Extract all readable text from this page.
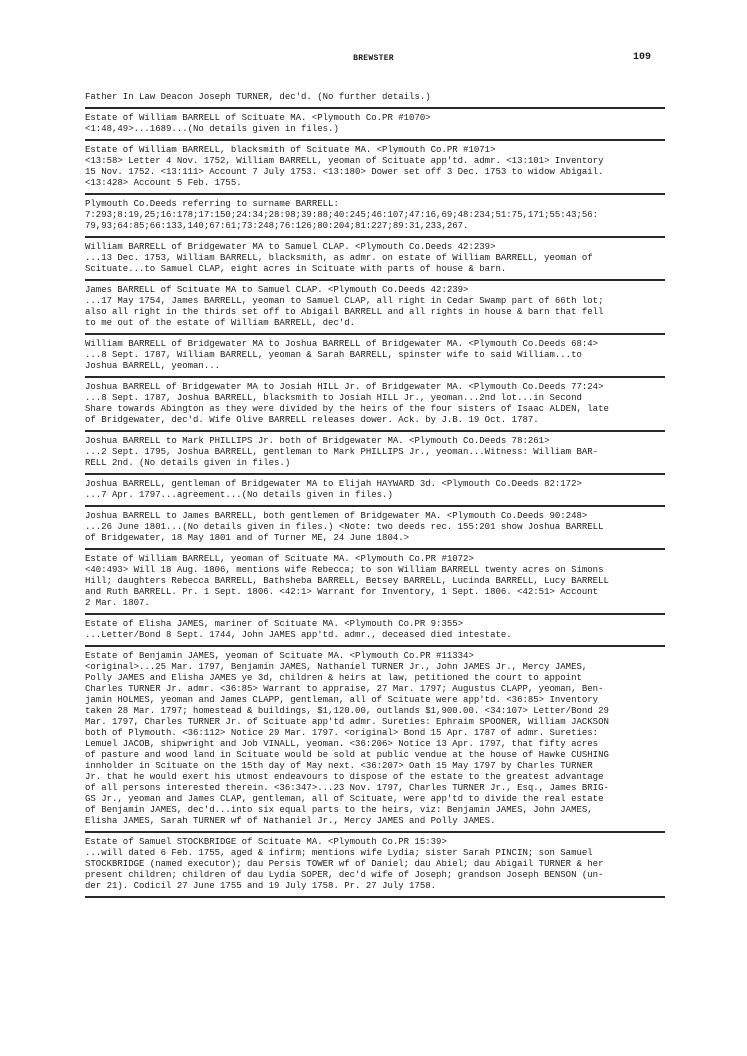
BREWSTER	109
Father In Law Deacon Joseph TURNER, dec'd. (No further details.)
Estate of William BARRELL of Scituate MA. <Plymouth Co.PR #1070>
<1:48,49>...1689...(No details given in files.)
Estate of William BARRELL, blacksmith of Scituate MA. <Plymouth Co.PR #1071>
<13:58> Letter 4 Nov. 1752, William BARRELL, yeoman of Scituate app'td. admr. <13:101> Inventory
15 Nov. 1752. <13:111> Account 7 July 1753. <13:180> Dower set off 3 Dec. 1753 to widow Abigail.
<13:428> Account 5 Feb. 1755.
Plymouth Co.Deeds referring to surname BARRELL:
7:293;8:19,25;16:178;17:150;24:34;28:98;39:88;40:245;46:107;47:16,69;48:234;51:75,171;55:43;56:
79,93;64:85;66:133,140;67:61;73:248;76:126;80:204;81:227;89:31,233,267.
William BARRELL of Bridgewater MA to Samuel CLAP. <Plymouth Co.Deeds 42:239>
...13 Dec. 1753, William BARRELL, blacksmith, as admr. on estate of William BARRELL, yeoman of
Scituate...to Samuel CLAP, eight acres in Scituate with parts of house & barn.
James BARRELL of Scituate MA to Samuel CLAP. <Plymouth Co.Deeds 42:239>
...17 May 1754, James BARRELL, yeoman to Samuel CLAP, all right in Cedar Swamp part of 66th lot;
also all right in the thirds set off to Abigail BARRELL and all rights in house & barn that fell
to me out of the estate of William BARRELL, dec'd.
William BARRELL of Bridgewater MA to Joshua BARRELL of Bridgewater MA. <Plymouth Co.Deeds 68:4>
...8 Sept. 1787, William BARRELL, yeoman & Sarah BARRELL, spinster wife to said William...to
Joshua BARRELL, yeoman...
Joshua BARRELL of Bridgewater MA to Josiah HILL Jr. of Bridgewater MA. <Plymouth Co.Deeds 77:24>
...8 Sept. 1787, Joshua BARRELL, blacksmith to Josiah HILL Jr., yeoman...2nd lot...in Second
Share towards Abington as they were divided by the heirs of the four sisters of Isaac ALDEN, late
of Bridgewater, dec'd. Wife Olive BARRELL releases dower. Ack. by J.B. 19 Oct. 1787.
Joshua BARRELL to Mark PHILLIPS Jr. both of Bridgewater MA. <Plymouth Co.Deeds 78:261>
...2 Sept. 1795, Joshua BARRELL, gentleman to Mark PHILLIPS Jr., yeoman...Witness: William BAR-
RELL 2nd. (No details given in files.)
Joshua BARRELL, gentleman of Bridgewater MA to Elijah HAYWARD 3d. <Plymouth Co.Deeds 82:172>
...7 Apr. 1797...agreement...(No details given in files.)
Joshua BARRELL to James BARRELL, both gentlemen of Bridgewater MA. <Plymouth Co.Deeds 90:248>
...26 June 1801...(No details given in files.) <Note: two deeds rec. 155:201 show Joshua BARRELL
of Bridgewater, 18 May 1801 and of Turner ME, 24 June 1804.>
Estate of William BARRELL, yeoman of Scituate MA. <Plymouth Co.PR #1072>
<40:493> Will 18 Aug. 1806, mentions wife Rebecca; to son William BARRELL twenty acres on Simons
Hill; daughters Rebecca BARRELL, Bathsheba BARRELL, Betsey BARRELL, Lucinda BARRELL, Lucy BARRELL
and Ruth BARRELL. Pr. 1 Sept. 1806. <42:1> Warrant for Inventory, 1 Sept. 1806. <42:51> Account
2 Mar. 1807.
Estate of Elisha JAMES, mariner of Scituate MA. <Plymouth Co.PR 9:355>
...Letter/Bond 8 Sept. 1744, John JAMES app'td. admr., deceased died intestate.
Estate of Benjamin JAMES, yeoman of Scituate MA. <Plymouth Co.PR #11334>
<original>...25 Mar. 1797, Benjamin JAMES, Nathaniel TURNER Jr., John JAMES Jr., Mercy JAMES,
Polly JAMES and Elisha JAMES ye 3d, children & heirs at law, petitioned the court to appoint
Charles TURNER Jr. admr. <36:85> Warrant to appraise, 27 Mar. 1797; Augustus CLAPP, yeoman, Ben-
jamin HOLMES, yeoman and James CLAPP, gentleman, all of Scituate were app'td. <36:85> Inventory
taken 28 Mar. 1797; homestead & buildings, $1,120.00, outlands $1,900.00. <34:107> Letter/Bond 29
Mar. 1797, Charles TURNER Jr. of Scituate app'td admr. Sureties: Ephraim SPOONER, William JACKSON
both of Plymouth. <36:112> Notice 29 Mar. 1797. <original> Bond 15 Apr. 1787 of admr. Sureties:
Lemuel JACOB, shipwright and Job VINALL, yeoman. <36:206> Notice 13 Apr. 1797, that fifty acres
of pasture and wood land in Scituate would be sold at public vendue at the house of Hawke CUSHING
innholder in Scituate on the 15th day of May next. <36:207> Oath 15 May 1797 by Charles TURNER
Jr. that he would exert his utmost endeavours to dispose of the estate to the greatest advantage
of all persons interested therein. <36:347>...23 Nov. 1797, Charles TURNER Jr., Esq., James BRIG-
GS Jr., yeoman and James CLAP, gentleman, all of Scituate, were app'td to divide the real estate
of Benjamin JAMES, dec'd...into six equal parts to the heirs, viz: Benjamin JAMES, John JAMES,
Elisha JAMES, Sarah TURNER wf of Nathaniel Jr., Mercy JAMES and Polly JAMES.
Estate of Samuel STOCKBRIDGE of Scituate MA. <Plymouth Co.PR 15:39>
...will dated 6 Feb. 1755, aged & infirm; mentions wife Lydia; sister Sarah PINCIN; son Samuel
STOCKBRIDGE (named executor); dau Persis TOWER wf of Daniel; dau Abiel; dau Abigail TURNER & her
present children; children of dau Lydia SOPER, dec'd wife of Joseph; grandson Joseph BENSON (un-
der 21). Codicil 27 June 1755 and 19 July 1758. Pr. 27 July 1758.
